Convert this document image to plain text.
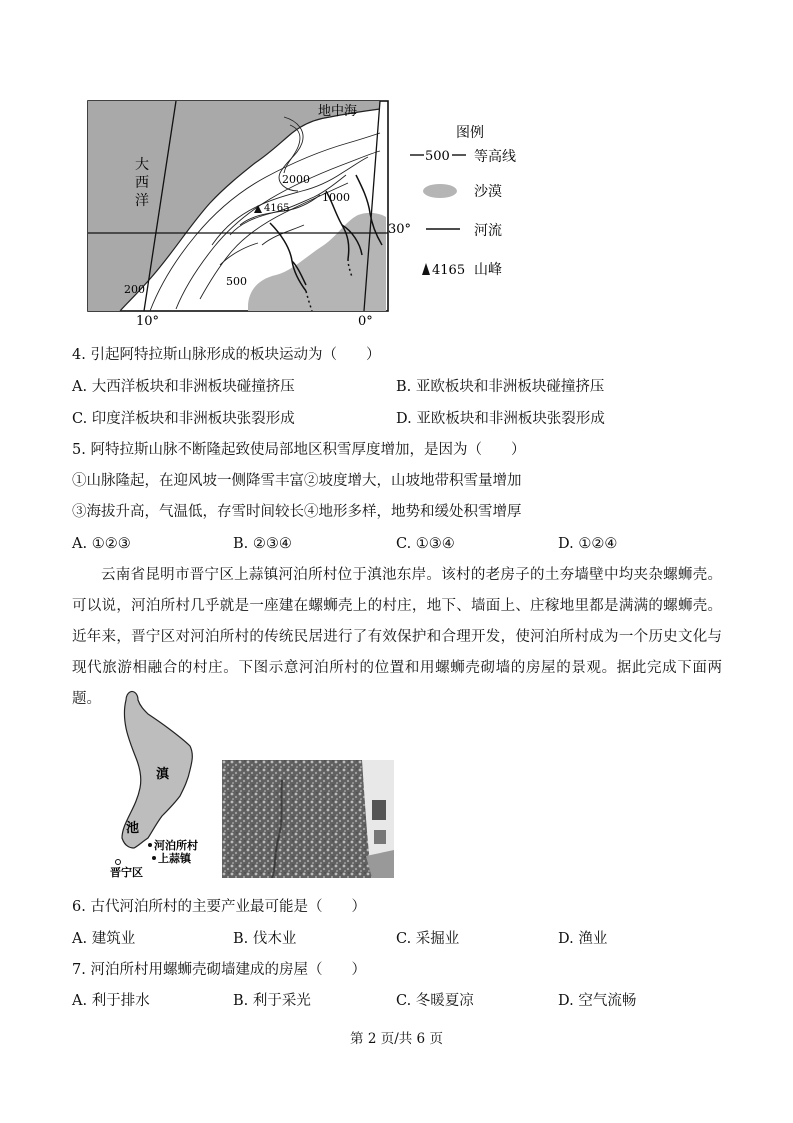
地中海
大
西
洋
2000
1000
4165
500
200
30°
10°	0°
图例
500 等高线
沙漠
河流
4165 山峰
4. 引起阿特拉斯山脉形成的板块运动为（　　）
A. 大西洋板块和非洲板块碰撞挤压	B. 亚欧板块和非洲板块碰撞挤压
C. 印度洋板块和非洲板块张裂形成	D. 亚欧板块和非洲板块张裂形成
5. 阿特拉斯山脉不断隆起致使局部地区积雪厚度增加，是因为（　　）
①山脉隆起，在迎风坡一侧降雪丰富②坡度增大，山坡地带积雪量增加
③海拔升高，气温低，存雪时间较长④地形多样，地势和缓处积雪增厚
A. ①②③	B. ②③④	C. ①③④	D. ①②④
云南省昆明市晋宁区上蒜镇河泊所村位于滇池东岸。该村的老房子的土夯墙壁中均夹杂螺蛳壳。可以说，河泊所村几乎就是一座建在螺蛳壳上的村庄，地下、墙面上、庄稼地里都是满满的螺蛳壳。近年来，晋宁区对河泊所村的传统民居进行了有效保护和合理开发，使河泊所村成为一个历史文化与现代旅游相融合的村庄。下图示意河泊所村的位置和用螺蛳壳砌墙的房屋的景观。据此完成下面两题。
滇
池
河泊所村
上蒜镇
晋宁区
6. 古代河泊所村的主要产业最可能是（　　）
A. 建筑业	B. 伐木业	C. 采掘业	D. 渔业
7. 河泊所村用螺蛳壳砌墙建成的房屋（　　）
A. 利于排水	B. 利于采光	C. 冬暖夏凉	D. 空气流畅
第 2 页/共 6 页
